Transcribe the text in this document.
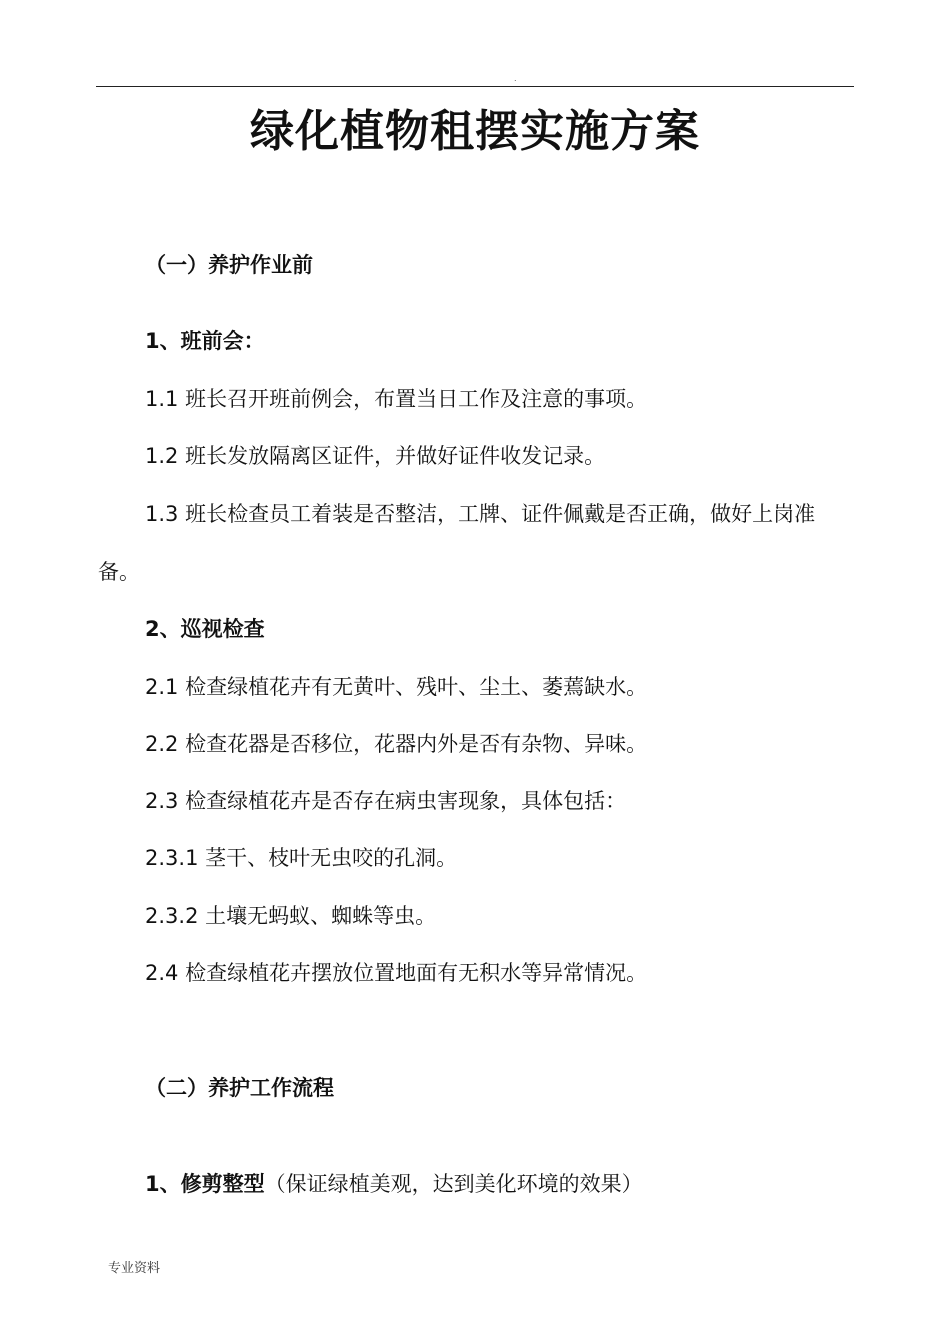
.
绿化植物租摆实施方案
（一）养护作业前
1、班前会：
1.1 班长召开班前例会，布置当日工作及注意的事项。
1.2 班长发放隔离区证件，并做好证件收发记录。
1.3 班长检查员工着装是否整洁，工牌、证件佩戴是否正确，做好上岗准
备。
2、巡视检查
2.1 检查绿植花卉有无黄叶、残叶、尘土、萎蔫缺水。
2.2 检查花器是否移位，花器内外是否有杂物、异味。
2.3 检查绿植花卉是否存在病虫害现象，具体包括：
2.3.1 茎干、枝叶无虫咬的孔洞。
2.3.2 土壤无蚂蚁、蜘蛛等虫。
2.4 检查绿植花卉摆放位置地面有无积水等异常情况。
（二）养护工作流程
1、修剪整型（保证绿植美观，达到美化环境的效果）
专业资料
